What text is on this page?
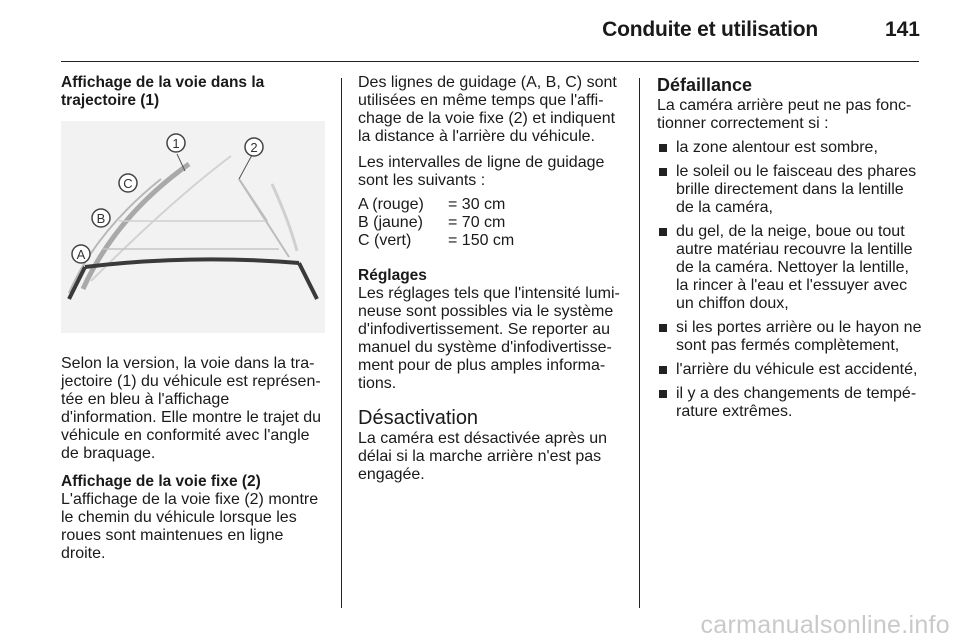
Conduite et utilisation	141

Affichage de la voie dans la
trajectoire (1)

1	2
C
B
A

Selon la version, la voie dans la trajectoire (1) du véhicule est représentée en bleu à l'affichage d'information. Elle montre le trajet du véhicule en conformité avec l'angle de braquage.

Affichage de la voie fixe (2)

L'affichage de la voie fixe (2) montre le chemin du véhicule lorsque les roues sont maintenues en ligne droite.

Des lignes de guidage (A, B, C) sont utilisées en même temps que l'affichage de la voie fixe (2) et indiquent la distance à l'arrière du véhicule.

Les intervalles de ligne de guidage sont les suivants :

A (rouge)	= 30 cm
B (jaune)	= 70 cm
C (vert)	= 150 cm

Réglages

Les réglages tels que l'intensité lumineuse sont possibles via le système d'infodivertissement. Se reporter au manuel du système d'infodivertissement pour de plus amples informations.

Désactivation

La caméra est désactivée après un délai si la marche arrière n'est pas engagée.

Défaillance

La caméra arrière peut ne pas fonctionner correctement si :

la zone alentour est sombre,
le soleil ou le faisceau des phares brille directement dans la lentille de la caméra,
du gel, de la neige, boue ou tout autre matériau recouvre la lentille de la caméra. Nettoyer la lentille, la rincer à l'eau et l'essuyer avec un chiffon doux,
si les portes arrière ou le hayon ne sont pas fermés complètement,
l'arrière du véhicule est accidenté,
il y a des changements de température extrêmes.
carmanualsonline.info
